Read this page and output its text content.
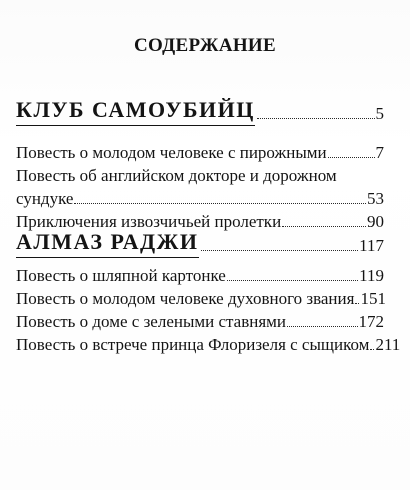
СОДЕРЖАНИЕ
КЛУБ САМОУБИЙЦ	5
Повесть о молодом человеке с пирожными	7
Повесть об английском докторе и дорожном
сундуке	53
Приключения извозчичьей пролетки	90
АЛМАЗ РАДЖИ	117
Повесть о шляпной картонке	119
Повесть о молодом человеке духовного звания 151
Повесть о доме с зелеными ставнями	172
Повесть о встрече принца Флоризеля с сыщиком 211
